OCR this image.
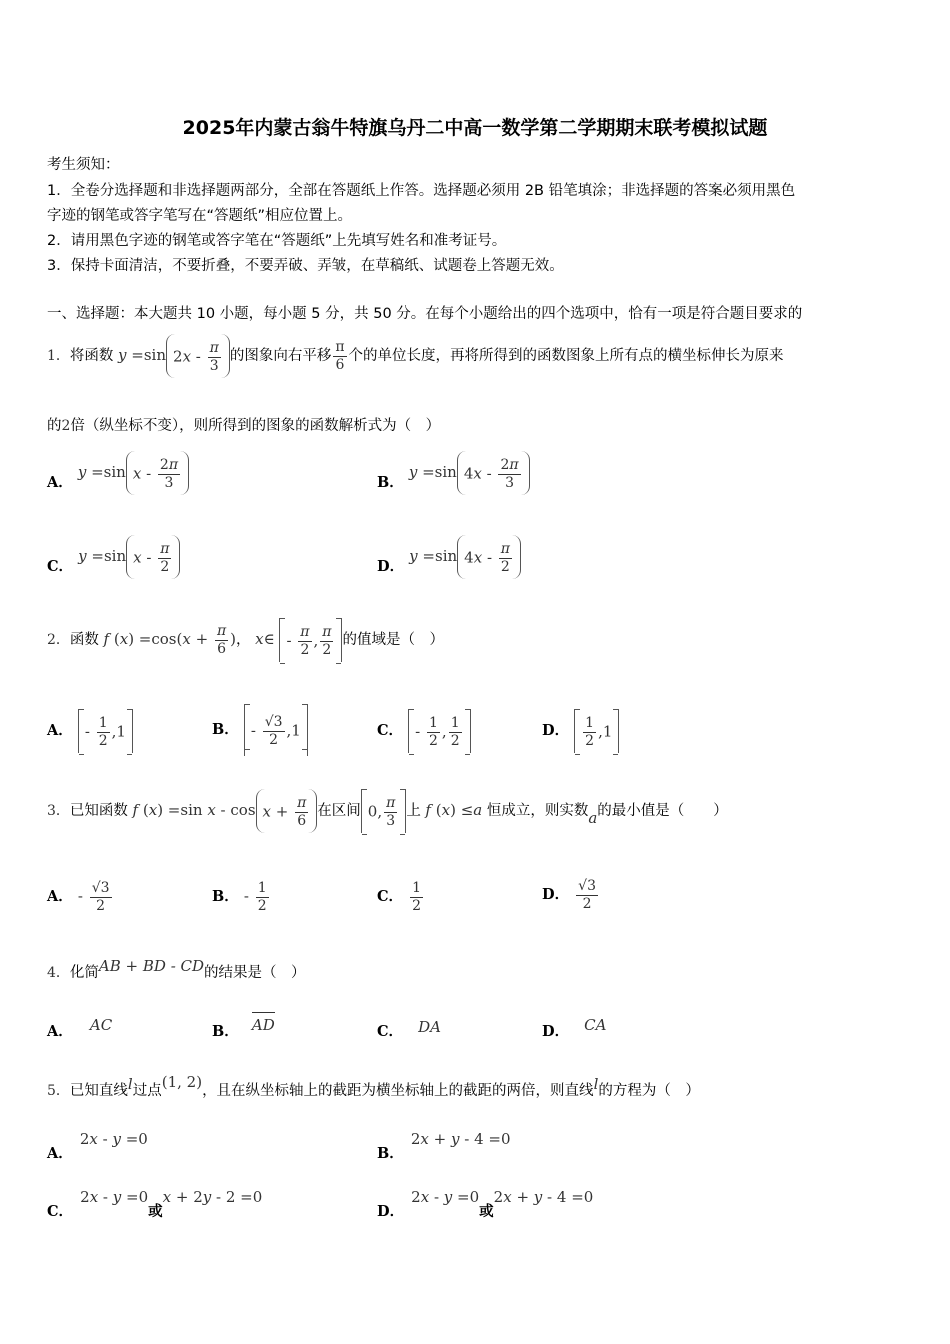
2025年内蒙古翁牛特旗乌丹二中高一数学第二学期期末联考模拟试题
考生须知：
1．全卷分选择题和非选择题两部分，全部在答题纸上作答。选择题必须用 2B 铅笔填涂；非选择题的答案必须用黑色
字迹的钢笔或答字笔写在“答题纸”相应位置上。
2．请用黑色字迹的钢笔或答字笔在“答题纸”上先填写姓名和准考证号。
3．保持卡面清洁，不要折叠，不要弄破、弄皱，在草稿纸、试题卷上答题无效。
一、选择题：本大题共 10 小题，每小题 5 分，共 50 分。在每个小题给出的四个选项中，恰有一项是符合题目要求的
1．将函数 y =sin $2x - \frac{\pi}{3}$ 的图象向右平移 $\frac{\pi}{6}$ 个的单位长度，再将所得到的函数图象上所有点的横坐标伸长为原来
的2倍（纵坐标不变），则所得到的图象的函数解析式为（　）
A． y =sin x - $\frac{2\pi}{3}$	B． y =sin $4x - \frac{2\pi}{3}$
C． y =sin x - $\frac{\pi}{2}$	D． y =sin $4x - \frac{\pi}{2}$
2．函数 f $(x) =\cos(x + \frac{\pi}{6}$ )， x∈ - $\frac{\pi}{2}$ , $\frac{\pi}{2}$ 的值域是（　）
A． - $\frac{1}{2} ,1$	B． - $\frac{√3}{2} ,1$	C． - $\frac{1}{2}$ , $\frac{1}{2}$	D． $\frac{1}{2} ,1$
3．已知函数 f (x) =sin $x - \cos x + \frac{\pi}{6}$ 在区间 0, $\frac{\pi}{3}$ 上 f (x) ≤a 恒成立，则实数a的最小值是（　　）
A． - $\frac{√3}{2}$	B． - $\frac{1}{2}$	C． $\frac{1}{2}$	D． $\frac{√3}{2}$
4．化简AB + BD - CD的结果是（　）
A． AC	B． AD	C． DA	D． CA
5．已知直线l过点(1, 2)，且在纵坐标轴上的截距为横坐标轴上的截距的两倍，则直线l的方程为（　）
A． 2x - y =0
B． 2x + y - 4 =0
C． 2x - y =0或x + 2y - 2 =0
D． 2x - y =0或2x + y - 4 =0
